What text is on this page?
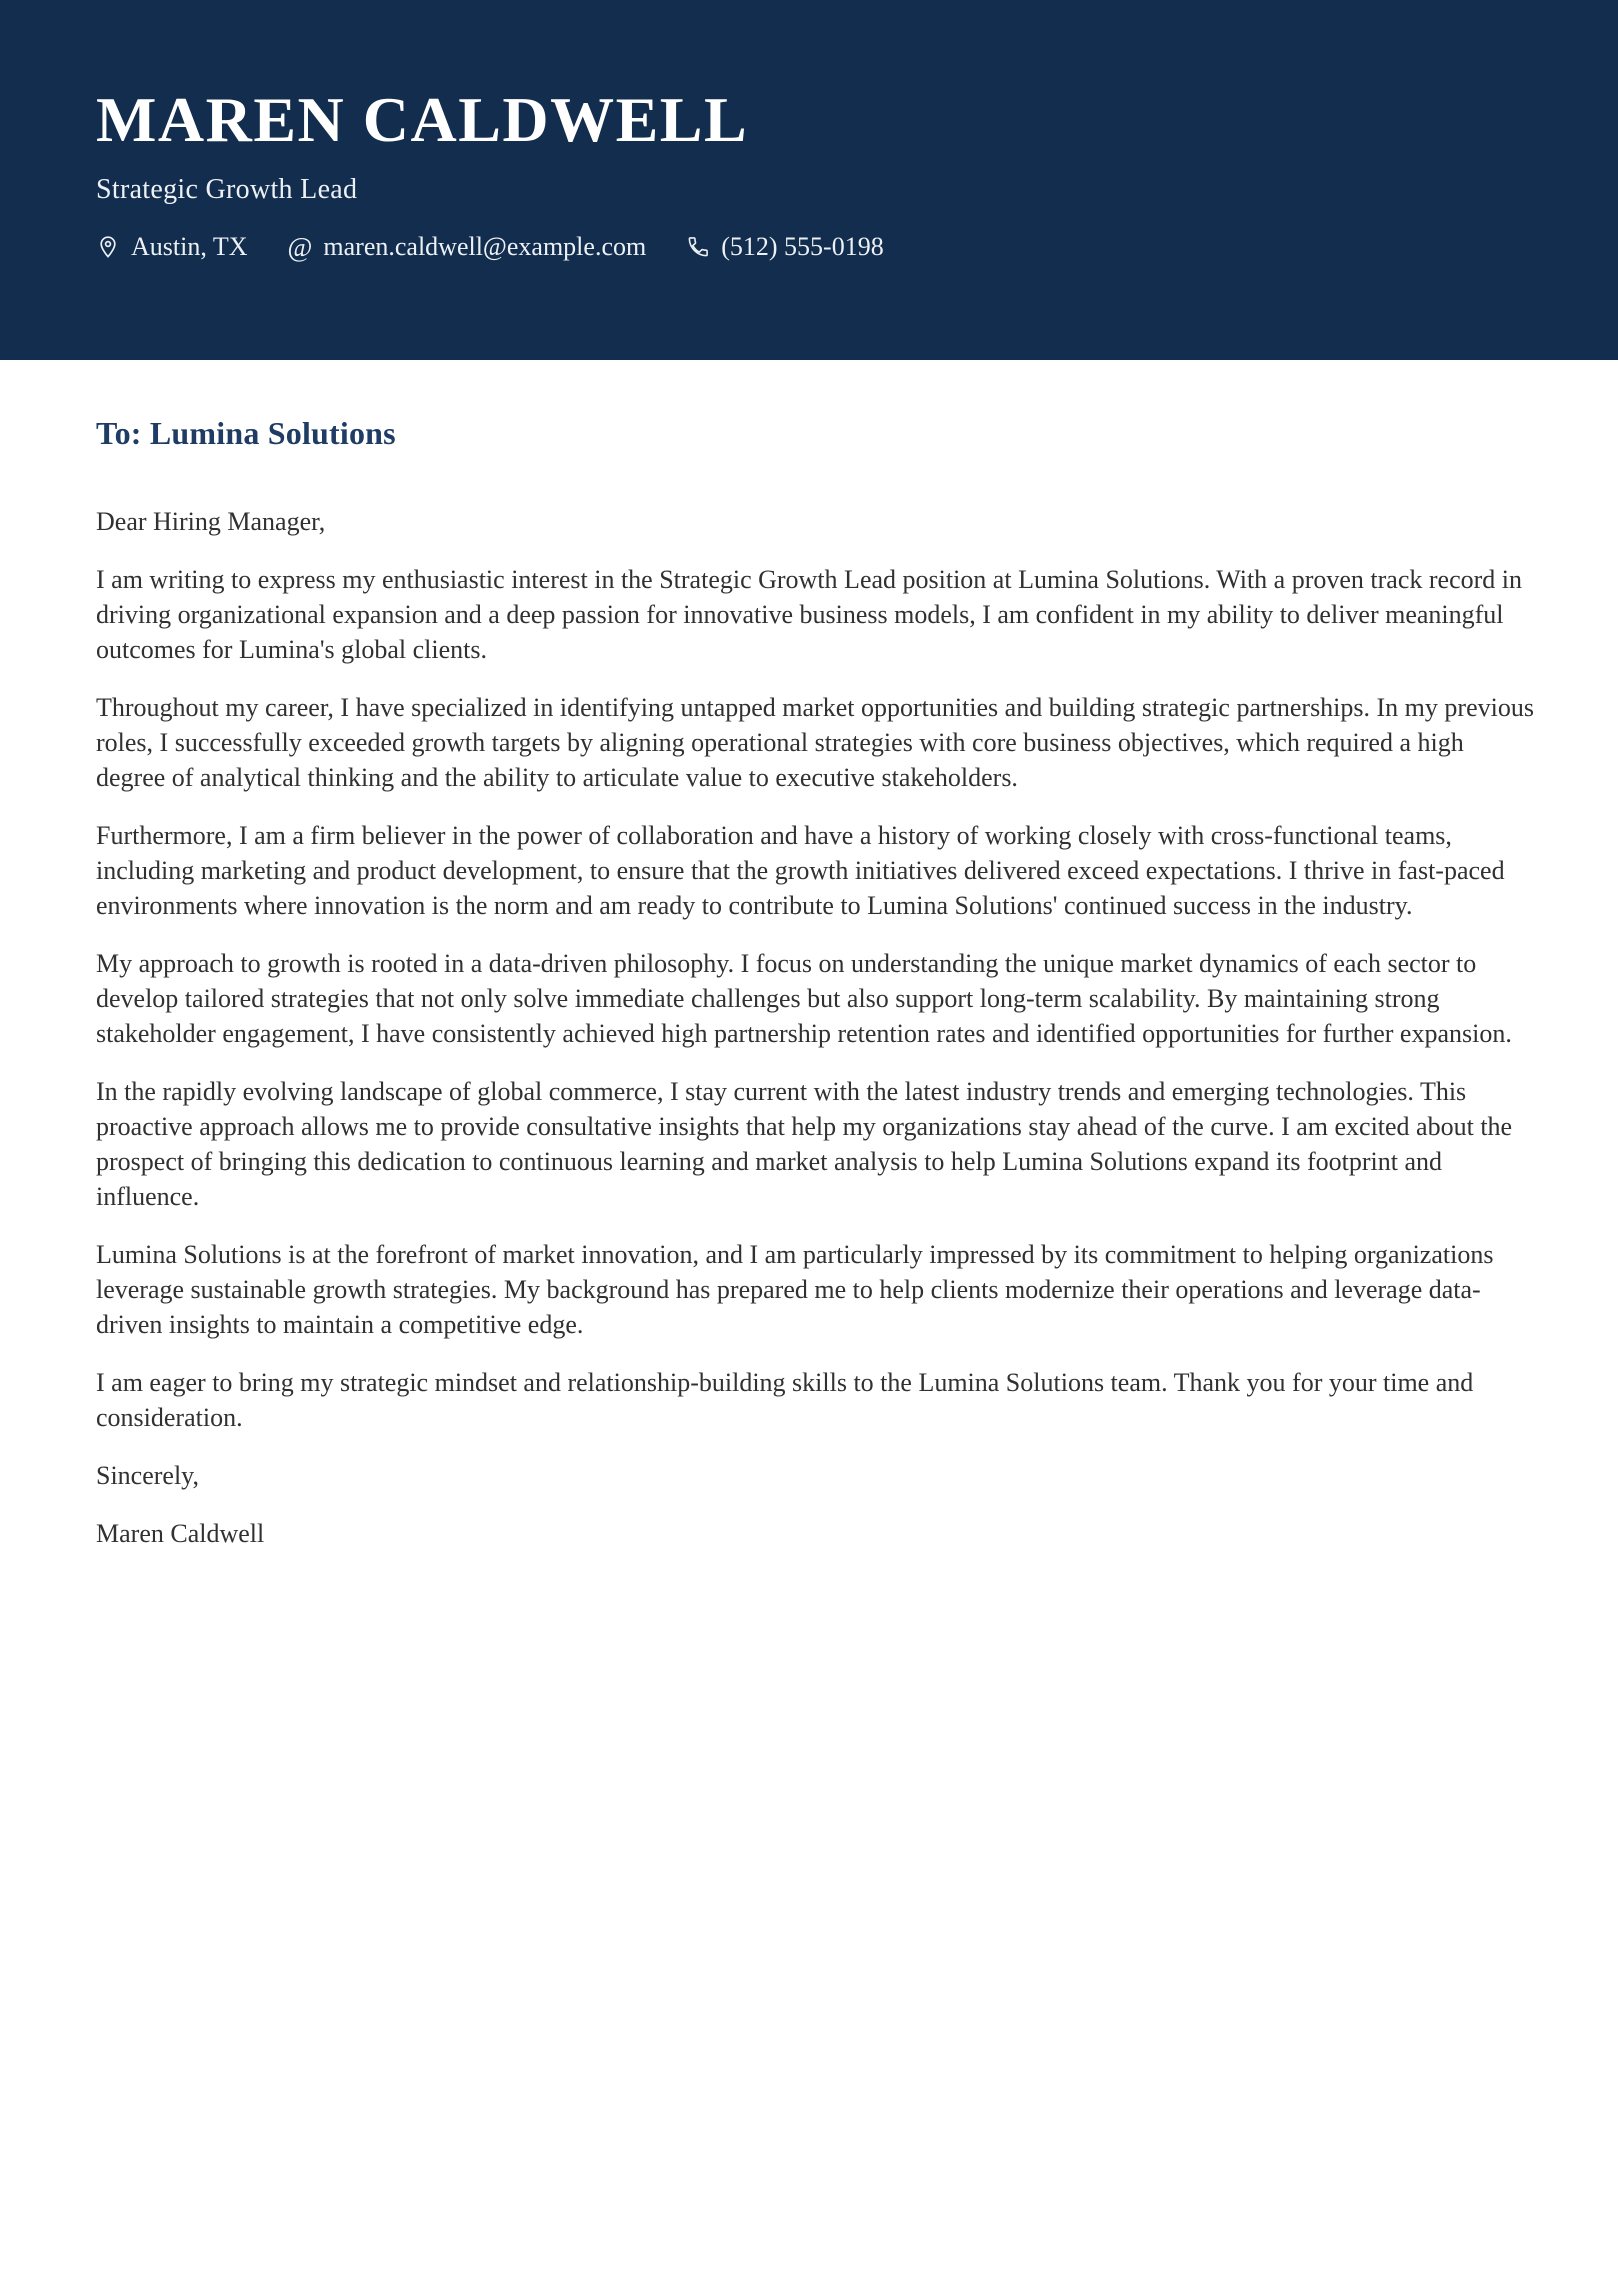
MAREN CALDWELL
Strategic Growth Lead
Austin, TX @ maren.caldwell@example.com	(512) 555-0198
To: Lumina Solutions

Dear Hiring Manager,

I am writing to express my enthusiastic interest in the Strategic Growth Lead position at Lumina Solutions. With a proven track record in driving organizational expansion and a deep passion for innovative business models, I am confident in my ability to deliver meaningful outcomes for Lumina's global clients.

Throughout my career, I have specialized in identifying untapped market opportunities and building strategic partnerships. In my previous roles, I successfully exceeded growth targets by aligning operational strategies with core business objectives, which required a high degree of analytical thinking and the ability to articulate value to executive stakeholders.

Furthermore, I am a firm believer in the power of collaboration and have a history of working closely with cross-functional teams, including marketing and product development, to ensure that the growth initiatives delivered exceed expectations. I thrive in fast-paced environments where innovation is the norm and am ready to contribute to Lumina Solutions' continued success in the industry.

My approach to growth is rooted in a data-driven philosophy. I focus on understanding the unique market dynamics of each sector to develop tailored strategies that not only solve immediate challenges but also support long-term scalability. By maintaining strong stakeholder engagement, I have consistently achieved high partnership retention rates and identified opportunities for further expansion.

In the rapidly evolving landscape of global commerce, I stay current with the latest industry trends and emerging technologies. This proactive approach allows me to provide consultative insights that help my organizations stay ahead of the curve. I am excited about the prospect of bringing this dedication to continuous learning and market analysis to help Lumina Solutions expand its footprint and influence.

Lumina Solutions is at the forefront of market innovation, and I am particularly impressed by its commitment to helping organizations leverage sustainable growth strategies. My background has prepared me to help clients modernize their operations and leverage data-driven insights to maintain a competitive edge.

I am eager to bring my strategic mindset and relationship-building skills to the Lumina Solutions team. Thank you for your time and consideration.

Sincerely,

Maren Caldwell
